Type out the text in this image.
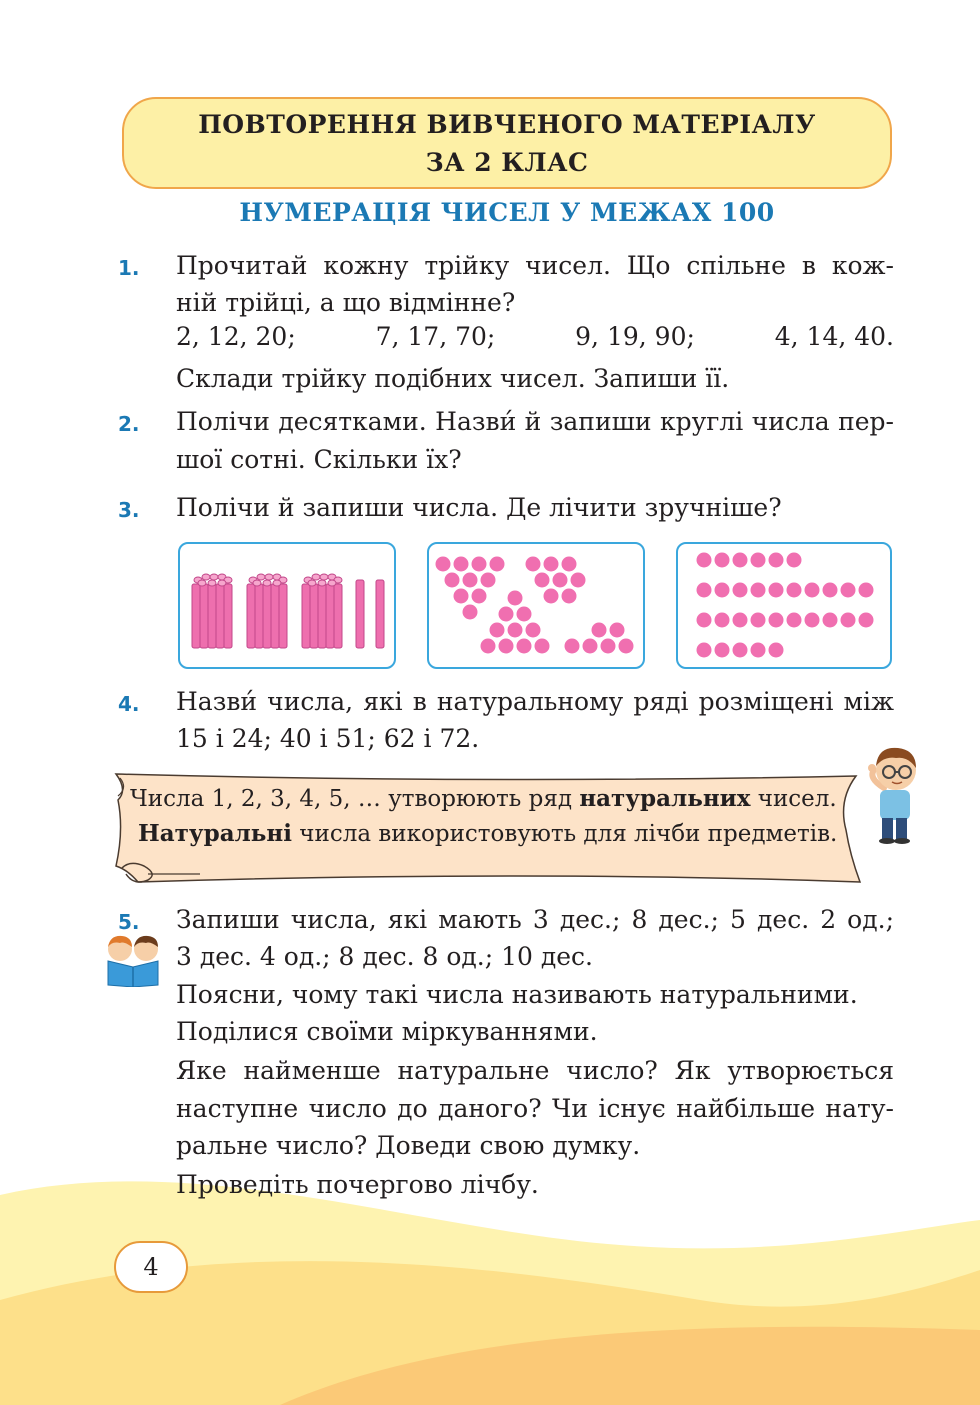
ПОВТОРЕННЯ ВИВЧЕНОГО МАТЕРІАЛУ
ЗА 2 КЛАС
НУМЕРАЦІЯ ЧИСЕЛ У МЕЖАХ 100
1. Прочитай кожну трійку чисел. Що спільне в кож-
ній трійці, а що відмінне?
2, 12, 20;	7, 17, 70;	9, 19, 90;	4, 14, 40.
Склади трійку подібних чисел. Запиши її.
2. Полічи десятками. Назви́ й запиши круглі числа пер-
шої сотні. Скільки їх?
3. Полічи й запиши числа. Де лічити зручніше?
4. Назви́ числа, які в натуральному ряді розміщені між
15 і 24; 40 і 51; 62 і 72.
Числа 1, 2, 3, 4, 5, … утворюють ряд натуральних чисел.
Натуральні числа використовують для лічби предметів.
5. Запиши числа, які мають 3 дес.; 8 дес.; 5 дес. 2 од.;
3 дес. 4 од.; 8 дес. 8 од.; 10 дес.
Поясни, чому такі числа називають натуральними.
Поділися своїми міркуваннями.
Яке найменше натуральне число? Як утворюється
наступне число до даного? Чи існує найбільше нату-
ральне число? Доведи свою думку.
Проведіть почергово лічбу.
4
